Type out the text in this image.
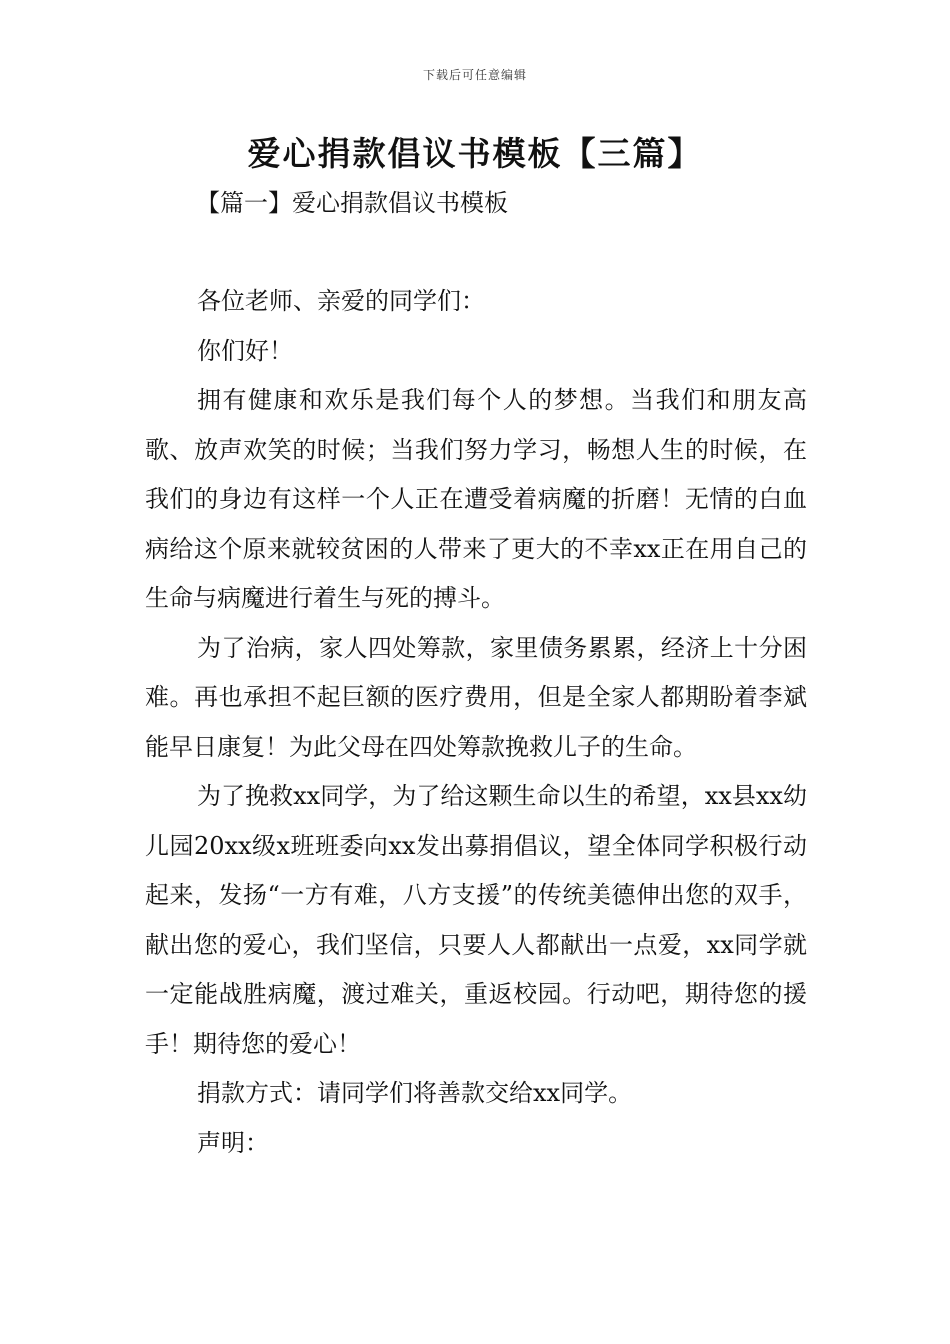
下载后可任意编辑
爱心捐款倡议书模板【三篇】
【篇一】爱心捐款倡议书模板

各位老师、亲爱的同学们：

你们好！

拥有健康和欢乐是我们每个人的梦想。当我们和朋友高歌、放声欢笑的时候；当我们努力学习，畅想人生的时候，在我们的身边有这样一个人正在遭受着病魔的折磨！无情的白血病给这个原来就较贫困的人带来了更大的不幸xx正在用自己的生命与病魔进行着生与死的搏斗。

为了治病，家人四处筹款，家里债务累累，经济上十分困难。再也承担不起巨额的医疗费用，但是全家人都期盼着李斌能早日康复！为此父母在四处筹款挽救儿子的生命。

为了挽救xx同学，为了给这颗生命以生的希望，xx县xx幼儿园20xx级x班班委向xx发出募捐倡议，望全体同学积极行动起来，发扬“一方有难，八方支援”的传统美德伸出您的双手，献出您的爱心，我们坚信，只要人人都献出一点爱，xx同学就一定能战胜病魔，渡过难关，重返校园。行动吧，期待您的援手！期待您的爱心！

捐款方式：请同学们将善款交给xx同学。

声明：
